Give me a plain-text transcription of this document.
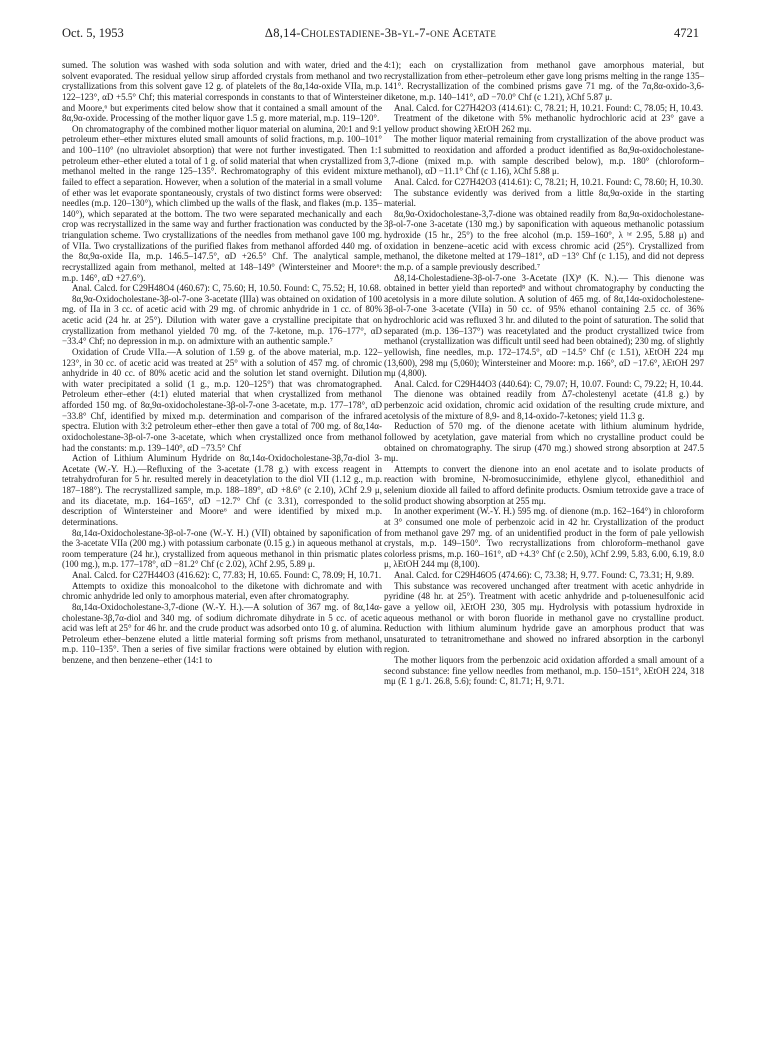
Oct. 5, 1953	Δ8,14-Cholestadiene-3β-yl-7-one Acetate	4721

sumed. The solution was washed with soda solution and with water, dried and the solvent evaporated. The residual yellow sirup afforded crystals from methanol and two crystallizations from this solvent gave 12 g. of platelets of the 8α,14α-oxide VIIa, m.p. 122–123°, αD +5.5° Chf; this material corresponds in constants to that of Wintersteiner and Moore,⁶ but experiments cited below show that it contained a small amount of the 8α,9α-oxide. Processing of the mother liquor gave 1.5 g. more material, m.p. 119–120°.

On chromatography of the combined mother liquor material on alumina, 20:1 and 9:1 petroleum ether–ether mixtures eluted small amounts of solid fractions, m.p. 100–101° and 100–110° (no ultraviolet absorption) that were not further investigated. Then 1:1 petroleum ether–ether eluted a total of 1 g. of solid material that when crystallized from methanol melted in the range 125–135°. Rechromatography of this evident mixture failed to effect a separation. However, when a solution of the material in a small volume of ether was let evaporate spontaneously, crystals of two distinct forms were observed: needles (m.p. 120–130°), which climbed up the walls of the flask, and flakes (m.p. 135–140°), which separated at the bottom. The two were separated mechanically and each crop was recrystallized in the same way and further fractionation was conducted by the triangulation scheme. Two crystallizations of the needles from methanol gave 100 mg. of VIIa. Two crystallizations of the purified flakes from methanol afforded 440 mg. of the 8α,9α-oxide IIa, m.p. 146.5–147.5°, αD +26.5° Chf. The analytical sample, recrystallized again from methanol, melted at 148–149° (Wintersteiner and Moore⁶: m.p. 146°, αD +27.6°).

Anal. Calcd. for C29H48O4 (460.67): C, 75.60; H, 10.50. Found: C, 75.52; H, 10.68.

8α,9α-Oxidocholestane-3β-ol-7-one 3-acetate (IIIa) was obtained on oxidation of 100 mg. of IIa in 3 cc. of acetic acid with 29 mg. of chromic anhydride in 1 cc. of 80% acetic acid (24 hr. at 25°). Dilution with water gave a crystalline precipitate that on crystallization from methanol yielded 70 mg. of the 7-ketone, m.p. 176–177°, αD −33.4° Chf; no depression in m.p. on admixture with an authentic sample.⁷

Oxidation of Crude VIIa.—A solution of 1.59 g. of the above material, m.p. 122–123°, in 30 cc. of acetic acid was treated at 25° with a solution of 457 mg. of chromic anhydride in 40 cc. of 80% acetic acid and the solution let stand overnight. Dilution with water precipitated a solid (1 g., m.p. 120–125°) that was chromatographed. Petroleum ether–ether (4:1) eluted material that when crystallized from methanol afforded 150 mg. of 8α,9α-oxidocholestane-3β-ol-7-one 3-acetate, m.p. 177–178°, αD −33.8° Chf, identified by mixed m.p. determination and comparison of the infrared spectra. Elution with 3:2 petroleum ether–ether then gave a total of 700 mg. of 8α,14α-oxidocholestane-3β-ol-7-one 3-acetate, which when crystallized once from methanol had the constants: m.p. 139–140°, αD −73.5° Chf

Action of Lithium Aluminum Hydride on 8α,14α-Oxidocholestane-3β,7α-diol 3-Acetate (W.-Y. H.).—Refluxing of the 3-acetate (1.78 g.) with excess reagent in tetrahydrofuran for 5 hr. resulted merely in deacetylation to the diol VII (1.12 g., m.p. 187–188°). The recrystallized sample, m.p. 188–189°, αD +8.6° (c 2.10), λChf 2.9 μ, and its diacetate, m.p. 164–165°, αD −12.7° Chf (c 3.31), corresponded to the description of Wintersteiner and Moore⁶ and were identified by mixed m.p. determinations.

8α,14α-Oxidocholestane-3β-ol-7-one (W.-Y. H.) (VII) obtained by saponification of the 3-acetate VIIa (200 mg.) with potassium carbonate (0.15 g.) in aqueous methanol at room temperature (24 hr.), crystallized from aqueous methanol in thin prismatic plates (100 mg.), m.p. 177–178°, αD −81.2° Chf (c 2.02), λChf 2.95, 5.89 μ.

Anal. Calcd. for C27H44O3 (416.62): C, 77.83; H, 10.65. Found: C, 78.09; H, 10.71.

Attempts to oxidize this monoalcohol to the diketone with dichromate and with chromic anhydride led only to amorphous material, even after chromatography.

8α,14α-Oxidocholestane-3,7-dione (W.-Y. H.).—A solution of 367 mg. of 8α,14α-cholestane-3β,7α-diol and 340 mg. of sodium dichromate dihydrate in 5 cc. of acetic acid was left at 25° for 46 hr. and the crude product was adsorbed onto 10 g. of alumina. Petroleum ether–benzene eluted a little material forming soft prisms from methanol, m.p. 110–135°. Then a series of five similar fractions were obtained by elution with benzene, and then benzene–ether (14:1 to

4:1); each on crystallization from methanol gave amorphous material, but recrystallization from ether–petroleum ether gave long prisms melting in the range 135–141°. Recrystallization of the combined prisms gave 71 mg. of the 7α,8α-oxido-3,6-diketone, m.p. 140–141°, αD −70.0° Chf (c 1.21), λChf 5.87 μ.

Anal. Calcd. for C27H42O3 (414.61): C, 78.21; H, 10.21. Found: C, 78.05; H, 10.43.

Treatment of the diketone with 5% methanolic hydrochloric acid at 23° gave a yellow product showing λEtOH 262 mμ.

The mother liquor material remaining from crystallization of the above product was submitted to reoxidation and afforded a product identified as 8α,9α-oxidocholestane-3,7-dione (mixed m.p. with sample described below), m.p. 180° (chloroform–methanol), αD −11.1° Chf (c 1.16), λChf 5.88 μ.

Anal. Calcd. for C27H42O3 (414.61): C, 78.21; H, 10.21. Found: C, 78.60; H, 10.30.

The substance evidently was derived from a little 8α,9α-oxide in the starting material.

8α,9α-Oxidocholestane-3,7-dione was obtained readily from 8α,9α-oxidocholestane-3β-ol-7-one 3-acetate (130 mg.) by saponification with aqueous methanolic potassium hydroxide (15 hr., 25°) to the free alcohol (m.p. 159–160°, λ ʰᶠ 2.95, 5.88 μ) and oxidation in benzene–acetic acid with excess chromic acid (25°). Crystallized from methanol, the diketone melted at 179–181°, αD −13° Chf (c 1.15), and did not depress the m.p. of a sample previously described.⁷

Δ8,14-Cholestadiene-3β-ol-7-one 3-Acetate (IX)⁸ (K. N.).— This dienone was obtained in better yield than reported⁸ and without chromatography by conducting the acetolysis in a more dilute solution. A solution of 465 mg. of 8α,14α-oxidocholestene-3β-ol-7-one 3-acetate (VIIa) in 50 cc. of 95% ethanol containing 2.5 cc. of 36% hydrochloric acid was refluxed 3 hr. and diluted to the point of saturation. The solid that separated (m.p. 136–137°) was reacetylated and the product crystallized twice from methanol (crystallization was difficult until seed had been obtained); 230 mg. of slightly yellowish, fine needles, m.p. 172–174.5°, αD −14.5° Chf (c 1.51), λEtOH 224 mμ (13,600), 298 mμ (5,060); Wintersteiner and Moore: m.p. 166°, αD −17.6°, λEtOH 297 mμ (4,800).

Anal. Calcd. for C29H44O3 (440.64): C, 79.07; H, 10.07. Found: C, 79.22; H, 10.44.

The dienone was obtained readily from Δ7-cholestenyl acetate (41.8 g.) by perbenzoic acid oxidation, chromic acid oxidation of the resulting crude mixture, and acetolysis of the mixture of 8,9- and 8,14-oxido-7-ketones; yield 11.3 g.

Reduction of 570 mg. of the dienone acetate with lithium aluminum hydride, followed by acetylation, gave material from which no crystalline product could be obtained on chromatography. The sirup (470 mg.) showed strong absorption at 247.5 mμ.

Attempts to convert the dienone into an enol acetate and to isolate products of reaction with bromine, N-bromosuccinimide, ethylene glycol, ethanedithiol and selenium dioxide all failed to afford definite products. Osmium tetroxide gave a trace of solid product showing absorption at 255 mμ.

In another experiment (W.-Y. H.) 595 mg. of dienone (m.p. 162–164°) in chloroform at 3° consumed one mole of perbenzoic acid in 42 hr. Crystallization of the product from methanol gave 297 mg. of an unidentified product in the form of pale yellowish crystals, m.p. 149–150°. Two recrystallizations from chloroform–methanol gave colorless prisms, m.p. 160–161°, αD +4.3° Chf (c 2.50), λChf 2.99, 5.83, 6.00, 6.19, 8.0 μ, λEtOH 244 mμ (8,100).

Anal. Calcd. for C29H46O5 (474.66): C, 73.38; H, 9.77. Found: C, 73.31; H, 9.89.

This substance was recovered unchanged after treatment with acetic anhydride in pyridine (48 hr. at 25°). Treatment with acetic anhydride and p-toluenesulfonic acid gave a yellow oil, λEtOH 230, 305 mμ. Hydrolysis with potassium hydroxide in aqueous methanol or with boron fluoride in methanol gave no crystalline product. Reduction with lithium aluminum hydride gave an amorphous product that was unsaturated to tetranitromethane and showed no infrared absorption in the carbonyl region.

The mother liquors from the perbenzoic acid oxidation afforded a small amount of a second substance: fine yellow needles from methanol, m.p. 150–151°, λEtOH 224, 318 mμ (E 1 g./1. 26.8, 5.6); found: C, 81.71; H, 9.71.
